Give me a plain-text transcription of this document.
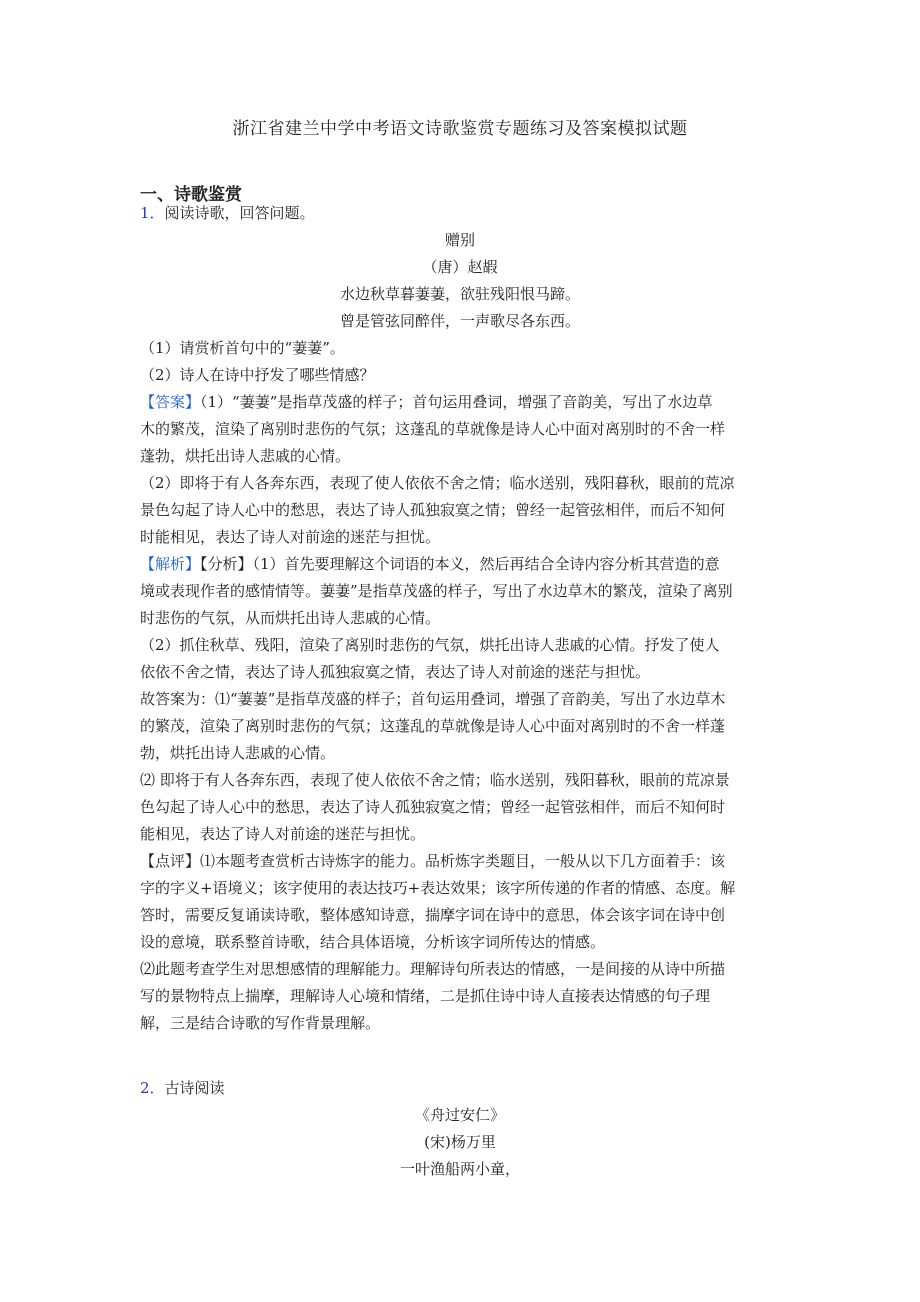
浙江省建兰中学中考语文诗歌鉴赏专题练习及答案模拟试题
一、诗歌鉴赏
1．阅读诗歌，回答问题。
赠别
（唐）赵嘏
水边秋草暮萋萋，欲驻残阳恨马蹄。
曾是管弦同醉伴，一声歌尽各东西。
（1）请赏析首句中的“萋萋”。
（2）诗人在诗中抒发了哪些情感？
【答案】（1）“萋萋”是指草茂盛的样子；首句运用叠词，增强了音韵美，写出了水边草
木的繁茂，渲染了离别时悲伤的气氛；这蓬乱的草就像是诗人心中面对离别时的不舍一样
蓬勃，烘托出诗人悲戚的心情。
（2）即将于有人各奔东西，表现了使人依依不舍之情；临水送别，残阳暮秋，眼前的荒凉
景色勾起了诗人心中的愁思，表达了诗人孤独寂寞之情；曾经一起管弦相伴，而后不知何
时能相见，表达了诗人对前途的迷茫与担忧。
【解析】【分析】（1）首先要理解这个词语的本义，然后再结合全诗内容分析其营造的意
境或表现作者的感情情等。萋萋”是指草茂盛的样子，写出了水边草木的繁茂，渲染了离别
时悲伤的气氛，从而烘托出诗人悲戚的心情。
（2）抓住秋草、残阳，渲染了离别时悲伤的气氛，烘托出诗人悲戚的心情。抒发了使人
依依不舍之情，表达了诗人孤独寂寞之情，表达了诗人对前途的迷茫与担忧。
故答案为：⑴“萋萋”是指草茂盛的样子；首句运用叠词，增强了音韵美，写出了水边草木
的繁茂，渲染了离别时悲伤的气氛；这蓬乱的草就像是诗人心中面对离别时的不舍一样蓬
勃，烘托出诗人悲戚的心情。
⑵ 即将于有人各奔东西，表现了使人依依不舍之情；临水送别，残阳暮秋，眼前的荒凉景
色勾起了诗人心中的愁思，表达了诗人孤独寂寞之情；曾经一起管弦相伴，而后不知何时
能相见，表达了诗人对前途的迷茫与担忧。
【点评】⑴本题考查赏析古诗炼字的能力。品析炼字类题目，一般从以下几方面着手：该
字的字义+语境义；该字使用的表达技巧+表达效果；该字所传递的作者的情感、态度。解
答时，需要反复诵读诗歌，整体感知诗意，揣摩字词在诗中的意思，体会该字词在诗中创
设的意境，联系整首诗歌，结合具体语境，分析该字词所传达的情感。
⑵此题考查学生对思想感情的理解能力。理解诗句所表达的情感，一是间接的从诗中所描
写的景物特点上揣摩，理解诗人心境和情绪，二是抓住诗中诗人直接表达情感的句子理
解，三是结合诗歌的写作背景理解。
2．古诗阅读
《舟过安仁》
(宋)杨万里
一叶渔船两小童，
